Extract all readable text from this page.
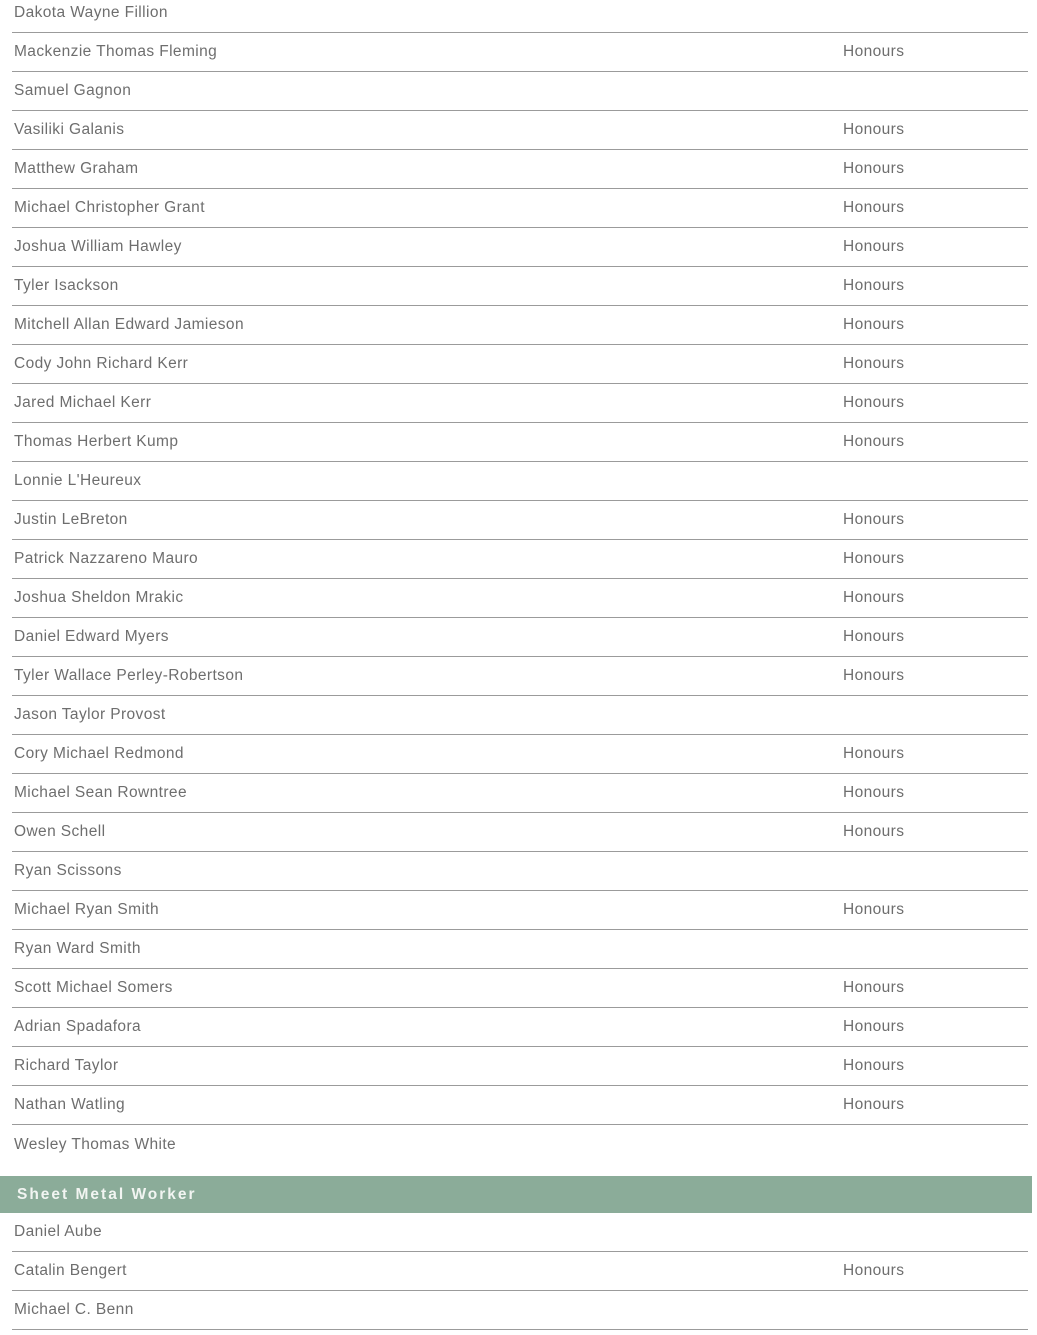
Dakota Wayne Fillion
Mackenzie Thomas Fleming	Honours
Samuel Gagnon
Vasiliki Galanis	Honours
Matthew Graham	Honours
Michael Christopher Grant	Honours
Joshua William Hawley	Honours
Tyler Isackson	Honours
Mitchell Allan Edward Jamieson	Honours
Cody John Richard Kerr	Honours
Jared Michael Kerr	Honours
Thomas Herbert Kump	Honours
Lonnie L'Heureux
Justin LeBreton	Honours
Patrick Nazzareno Mauro	Honours
Joshua Sheldon Mrakic	Honours
Daniel Edward Myers	Honours
Tyler Wallace Perley-Robertson	Honours
Jason Taylor Provost
Cory Michael Redmond	Honours
Michael Sean Rowntree	Honours
Owen Schell	Honours
Ryan Scissons
Michael Ryan Smith	Honours
Ryan Ward Smith
Scott Michael Somers	Honours
Adrian Spadafora	Honours
Richard Taylor	Honours
Nathan Watling	Honours
Wesley Thomas White
Sheet Metal Worker
Daniel Aube
Catalin Bengert	Honours
Michael C. Benn
